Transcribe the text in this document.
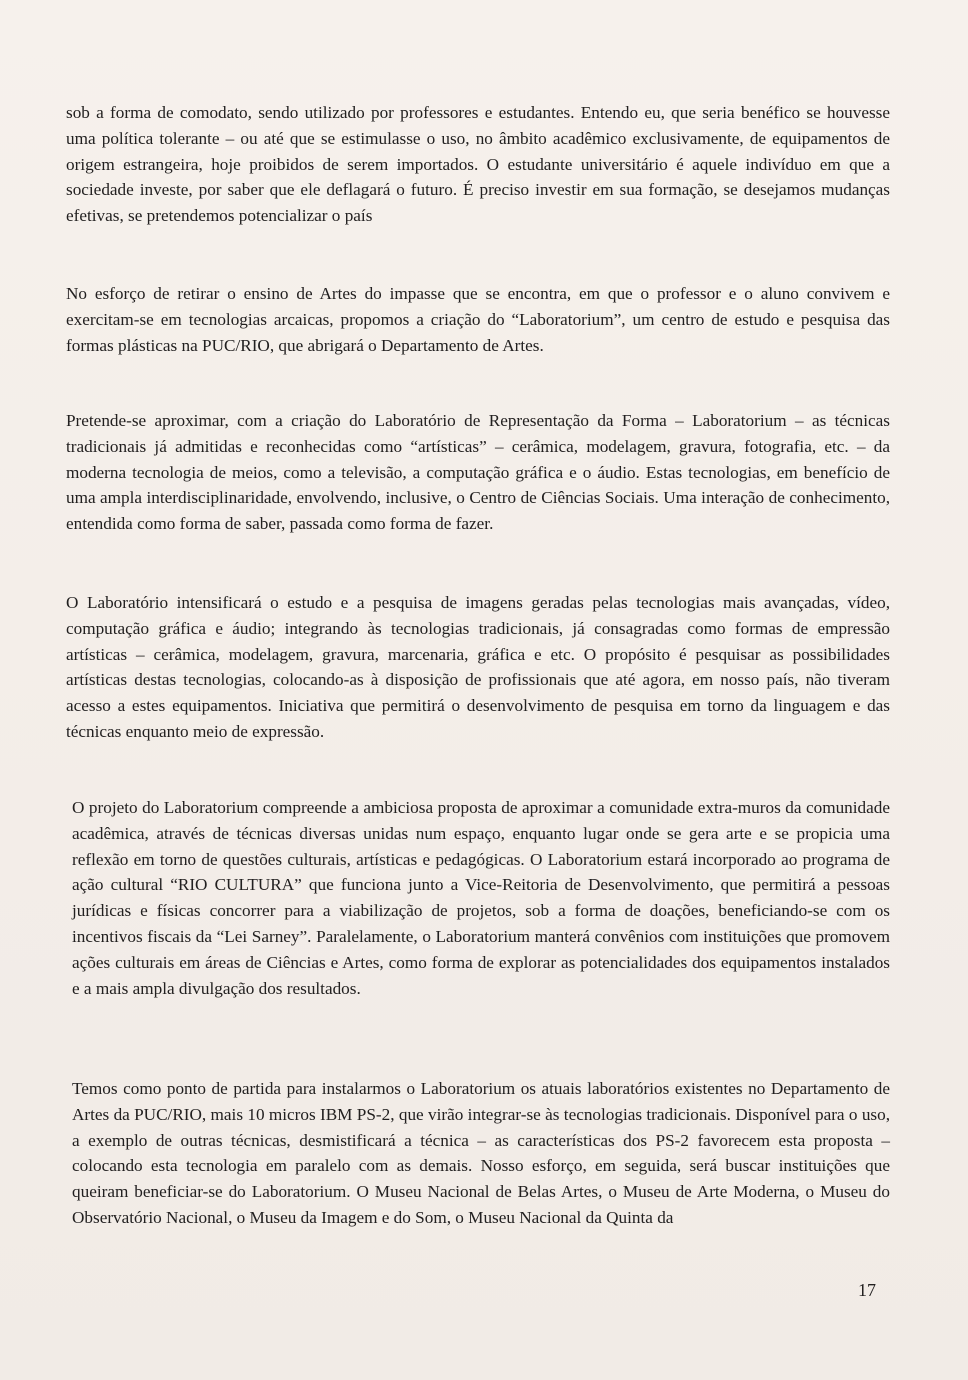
sob a forma de comodato, sendo utilizado por professores e estudantes. Entendo eu, que seria benéfico se houvesse uma política tolerante – ou até que se estimulasse o uso, no âmbito acadêmico exclusivamente, de equipamentos de origem estrangeira, hoje proibidos de serem importados. O estudante universitário é aquele indivíduo em que a sociedade investe, por saber que ele deflagará o futuro. É preciso investir em sua formação, se desejamos mudanças efetivas, se pretendemos potencializar o país

No esforço de retirar o ensino de Artes do impasse que se encontra, em que o professor e o aluno convivem e exercitam-se em tecnologias arcaicas, propomos a criação do “Laboratorium”, um centro de estudo e pesquisa das formas plásticas na PUC/RIO, que abrigará o Departamento de Artes.

Pretende-se aproximar, com a criação do Laboratório de Representação da Forma – Laboratorium – as técnicas tradicionais já admitidas e reconhecidas como “artísticas” – cerâmica, modelagem, gravura, fotografia, etc. – da moderna tecnologia de meios, como a televisão, a computação gráfica e o áudio. Estas tecnologias, em benefício de uma ampla interdisciplinaridade, envolvendo, inclusive, o Centro de Ciências Sociais. Uma interação de conhecimento, entendida como forma de saber, passada como forma de fazer.

O Laboratório intensificará o estudo e a pesquisa de imagens geradas pelas tecnologias mais avançadas, vídeo, computação gráfica e áudio; integrando às tecnologias tradicionais, já consagradas como formas de empressão artísticas – cerâmica, modelagem, gravura, marcenaria, gráfica e etc. O propósito é pesquisar as possibilidades artísticas destas tecnologias, colocando-as à disposição de profissionais que até agora, em nosso país, não tiveram acesso a estes equipamentos. Iniciativa que permitirá o desenvolvimento de pesquisa em torno da linguagem e das técnicas enquanto meio de expressão.

O projeto do Laboratorium compreende a ambiciosa proposta de aproximar a comunidade extra-muros da comunidade acadêmica, através de técnicas diversas unidas num espaço, enquanto lugar onde se gera arte e se propicia uma reflexão em torno de questões culturais, artísticas e pedagógicas. O Laboratorium estará incorporado ao programa de ação cultural “RIO CULTURA” que funciona junto a Vice-Reitoria de Desenvolvimento, que permitirá a pessoas jurídicas e físicas concorrer para a viabilização de projetos, sob a forma de doações, beneficiando-se com os incentivos fiscais da “Lei Sarney”. Paralelamente, o Laboratorium manterá convênios com instituições que promovem ações culturais em áreas de Ciências e Artes, como forma de explorar as potencialidades dos equipamentos instalados e a mais ampla divulgação dos resultados.

Temos como ponto de partida para instalarmos o Laboratorium os atuais laboratórios existentes no Departamento de Artes da PUC/RIO, mais 10 micros IBM PS-2, que virão integrar-se às tecnologias tradicionais. Disponível para o uso, a exemplo de outras técnicas, desmistificará a técnica – as características dos PS-2 favorecem esta proposta – colocando esta tecnologia em paralelo com as demais. Nosso esforço, em seguida, será buscar instituições que queiram beneficiar-se do Laboratorium. O Museu Nacional de Belas Artes, o Museu de Arte Moderna, o Museu do Observatório Nacional, o Museu da Imagem e do Som, o Museu Nacional da Quinta da

17
